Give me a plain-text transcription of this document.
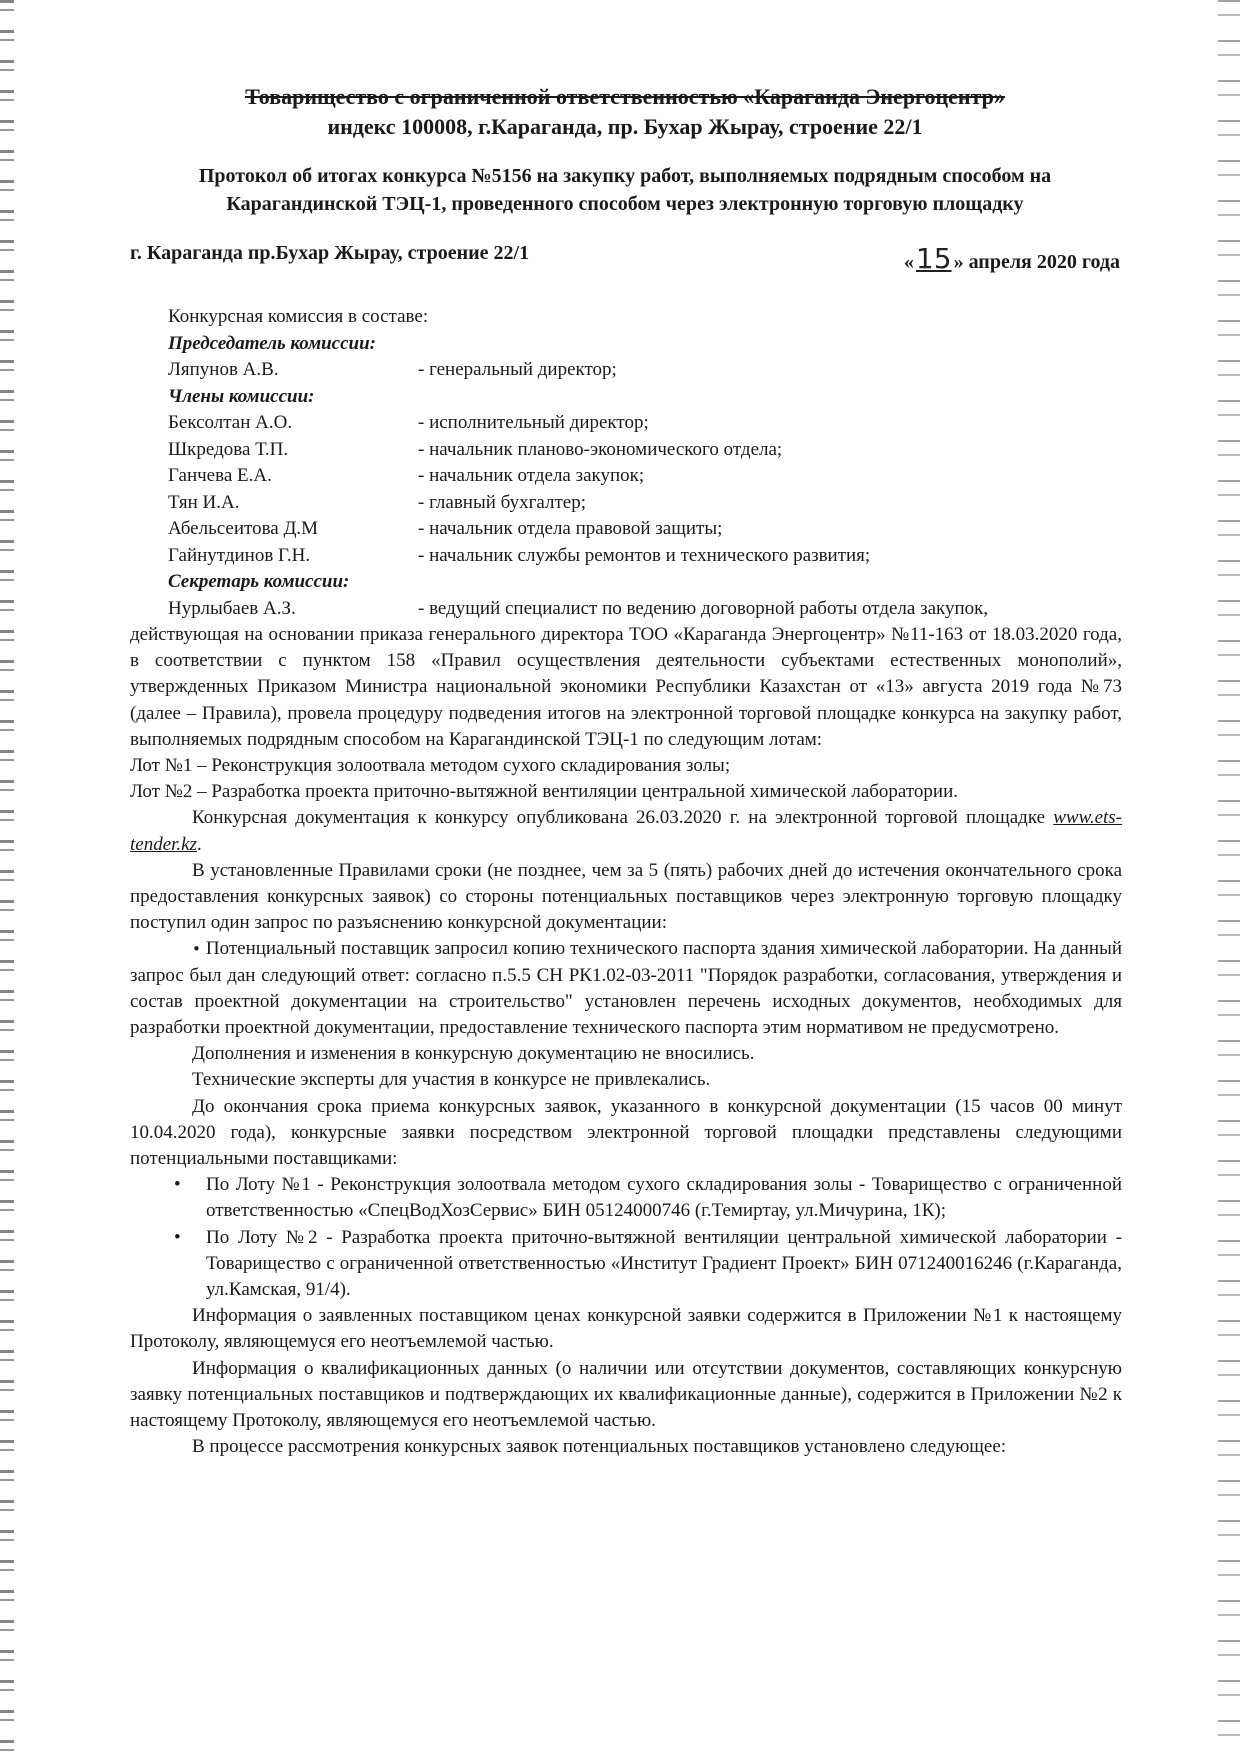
Товарищество с ограниченной ответственностью «Караганда Энергоцентр»
индекс 100008, г.Караганда, пр. Бухар Жырау, строение 22/1
Протокол об итогах конкурса №5156 на закупку работ, выполняемых подрядным способом на
Карагандинской ТЭЦ-1, проведенного способом через электронную торговую площадку
г. Караганда пр.Бухар Жырау, строение 22/1	«15 » апреля 2020 года
Конкурсная комиссия в составе:
Председатель комиссии:
Ляпунов А.В.	- генеральный директор;
Члены комиссии:
Бексолтан А.О.	- исполнительный директор;
Шкредова Т.П.	- начальник планово-экономического отдела;
Ганчева Е.А.	- начальник отдела закупок;
Тян И.А.	- главный бухгалтер;
Абельсеитова Д.М	- начальник отдела правовой защиты;
Гайнутдинов Г.Н.	- начальник службы ремонтов и технического развития;
Секретарь комиссии:
Нурлыбаев А.З.	- ведущий специалист по ведению договорной работы отдела закупок,

действующая на основании приказа генерального директора ТОО «Караганда Энергоцентр» №11-163 от 18.03.2020 года, в соответствии с пунктом 158 «Правил осуществления деятельности субъектами естественных монополий», утвержденных Приказом Министра национальной экономики Республики Казахстан от «13» августа 2019 года №73 (далее – Правила), провела процедуру подведения итогов на электронной торговой площадке конкурса на закупку работ, выполняемых подрядным способом на Карагандинской ТЭЦ-1 по следующим лотам:

Лот №1 – Реконструкция золоотвала методом сухого складирования золы;

Лот №2 – Разработка проекта приточно-вытяжной вентиляции центральной химической лаборатории.

Конкурсная документация к конкурсу опубликована 26.03.2020 г. на электронной торговой площадке www.ets-tender.kz.

В установленные Правилами сроки (не позднее, чем за 5 (пять) рабочих дней до истечения окончательного срока предоставления конкурсных заявок) со стороны потенциальных поставщиков через электронную торговую площадку поступил один запрос по разъяснению конкурсной документации:

• Потенциальный поставщик запросил копию технического паспорта здания химической лаборатории. На данный запрос был дан следующий ответ: согласно п.5.5 СН РК1.02-03-2011 "Порядок разработки, согласования, утверждения и состав проектной документации на строительство" установлен перечень исходных документов, необходимых для разработки проектной документации, предоставление технического паспорта этим нормативом не предусмотрено.

Дополнения и изменения в конкурсную документацию не вносились.

Технические эксперты для участия в конкурсе не привлекались.

До окончания срока приема конкурсных заявок, указанного в конкурсной документации (15 часов 00 минут 10.04.2020 года), конкурсные заявки посредством электронной торговой площадки представлены следующими потенциальными поставщиками:

• По Лоту №1 - Реконструкция золоотвала методом сухого складирования золы - Товарищество с ограниченной ответственностью «СпецВодХозСервис» БИН 05124000746 (г.Темиртау, ул.Мичурина, 1К);

• По Лоту №2 - Разработка проекта приточно-вытяжной вентиляции центральной химической лаборатории - Товарищество с ограниченной ответственностью «Институт Градиент Проект» БИН 071240016246 (г.Караганда, ул.Камская, 91/4).

Информация о заявленных поставщиком ценах конкурсной заявки содержится в Приложении №1 к настоящему Протоколу, являющемуся его неотъемлемой частью.

Информация о квалификационных данных (о наличии или отсутствии документов, составляющих конкурсную заявку потенциальных поставщиков и подтверждающих их квалификационные данные), содержится в Приложении №2 к настоящему Протоколу, являющемуся его неотъемлемой частью.

В процессе рассмотрения конкурсных заявок потенциальных поставщиков установлено следующее:
